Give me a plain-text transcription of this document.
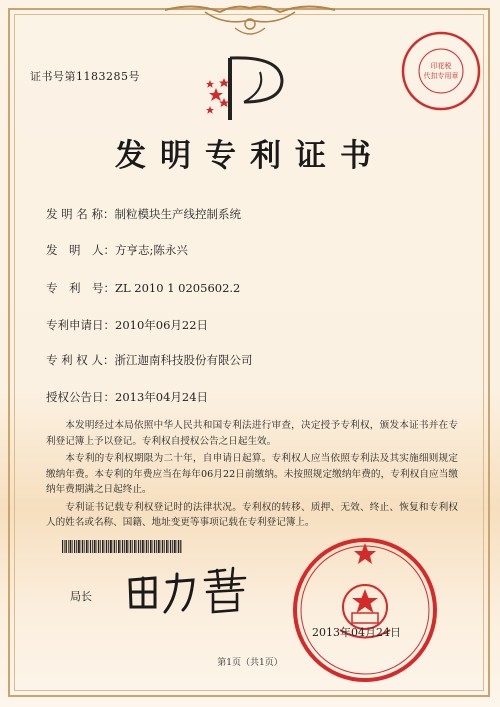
证书号第1183285号
印花税
代扣专用章
发明专利证书
发 明 名 称：制粒模块生产线控制系统
发　明　人：方亨志;陈永兴
专　利　号：ZL 2010 1 0205602.2
专利申请日：2010年06月22日
专 利 权 人：浙江迦南科技股份有限公司
授权公告日：2013年04月24日

本发明经过本局依照中华人民共和国专利法进行审查，决定授予专利权，颁发本证书并在专利登记簿上予以登记。专利权自授权公告之日起生效。

本专利的专利权期限为二十年，自申请日起算。专利权人应当依照专利法及其实施细则规定缴纳年费。本专利的年费应当在每年06月22日前缴纳。未按照规定缴纳年费的，专利权自应当缴纳年费期满之日起终止。

专利证书记载专利权登记时的法律状况。专利权的转移、质押、无效、终止、恢复和专利权人的姓名或名称、国籍、地址变更等事项记载在专利登记簿上。

局长
2013年04月24日
第1页（共1页）
